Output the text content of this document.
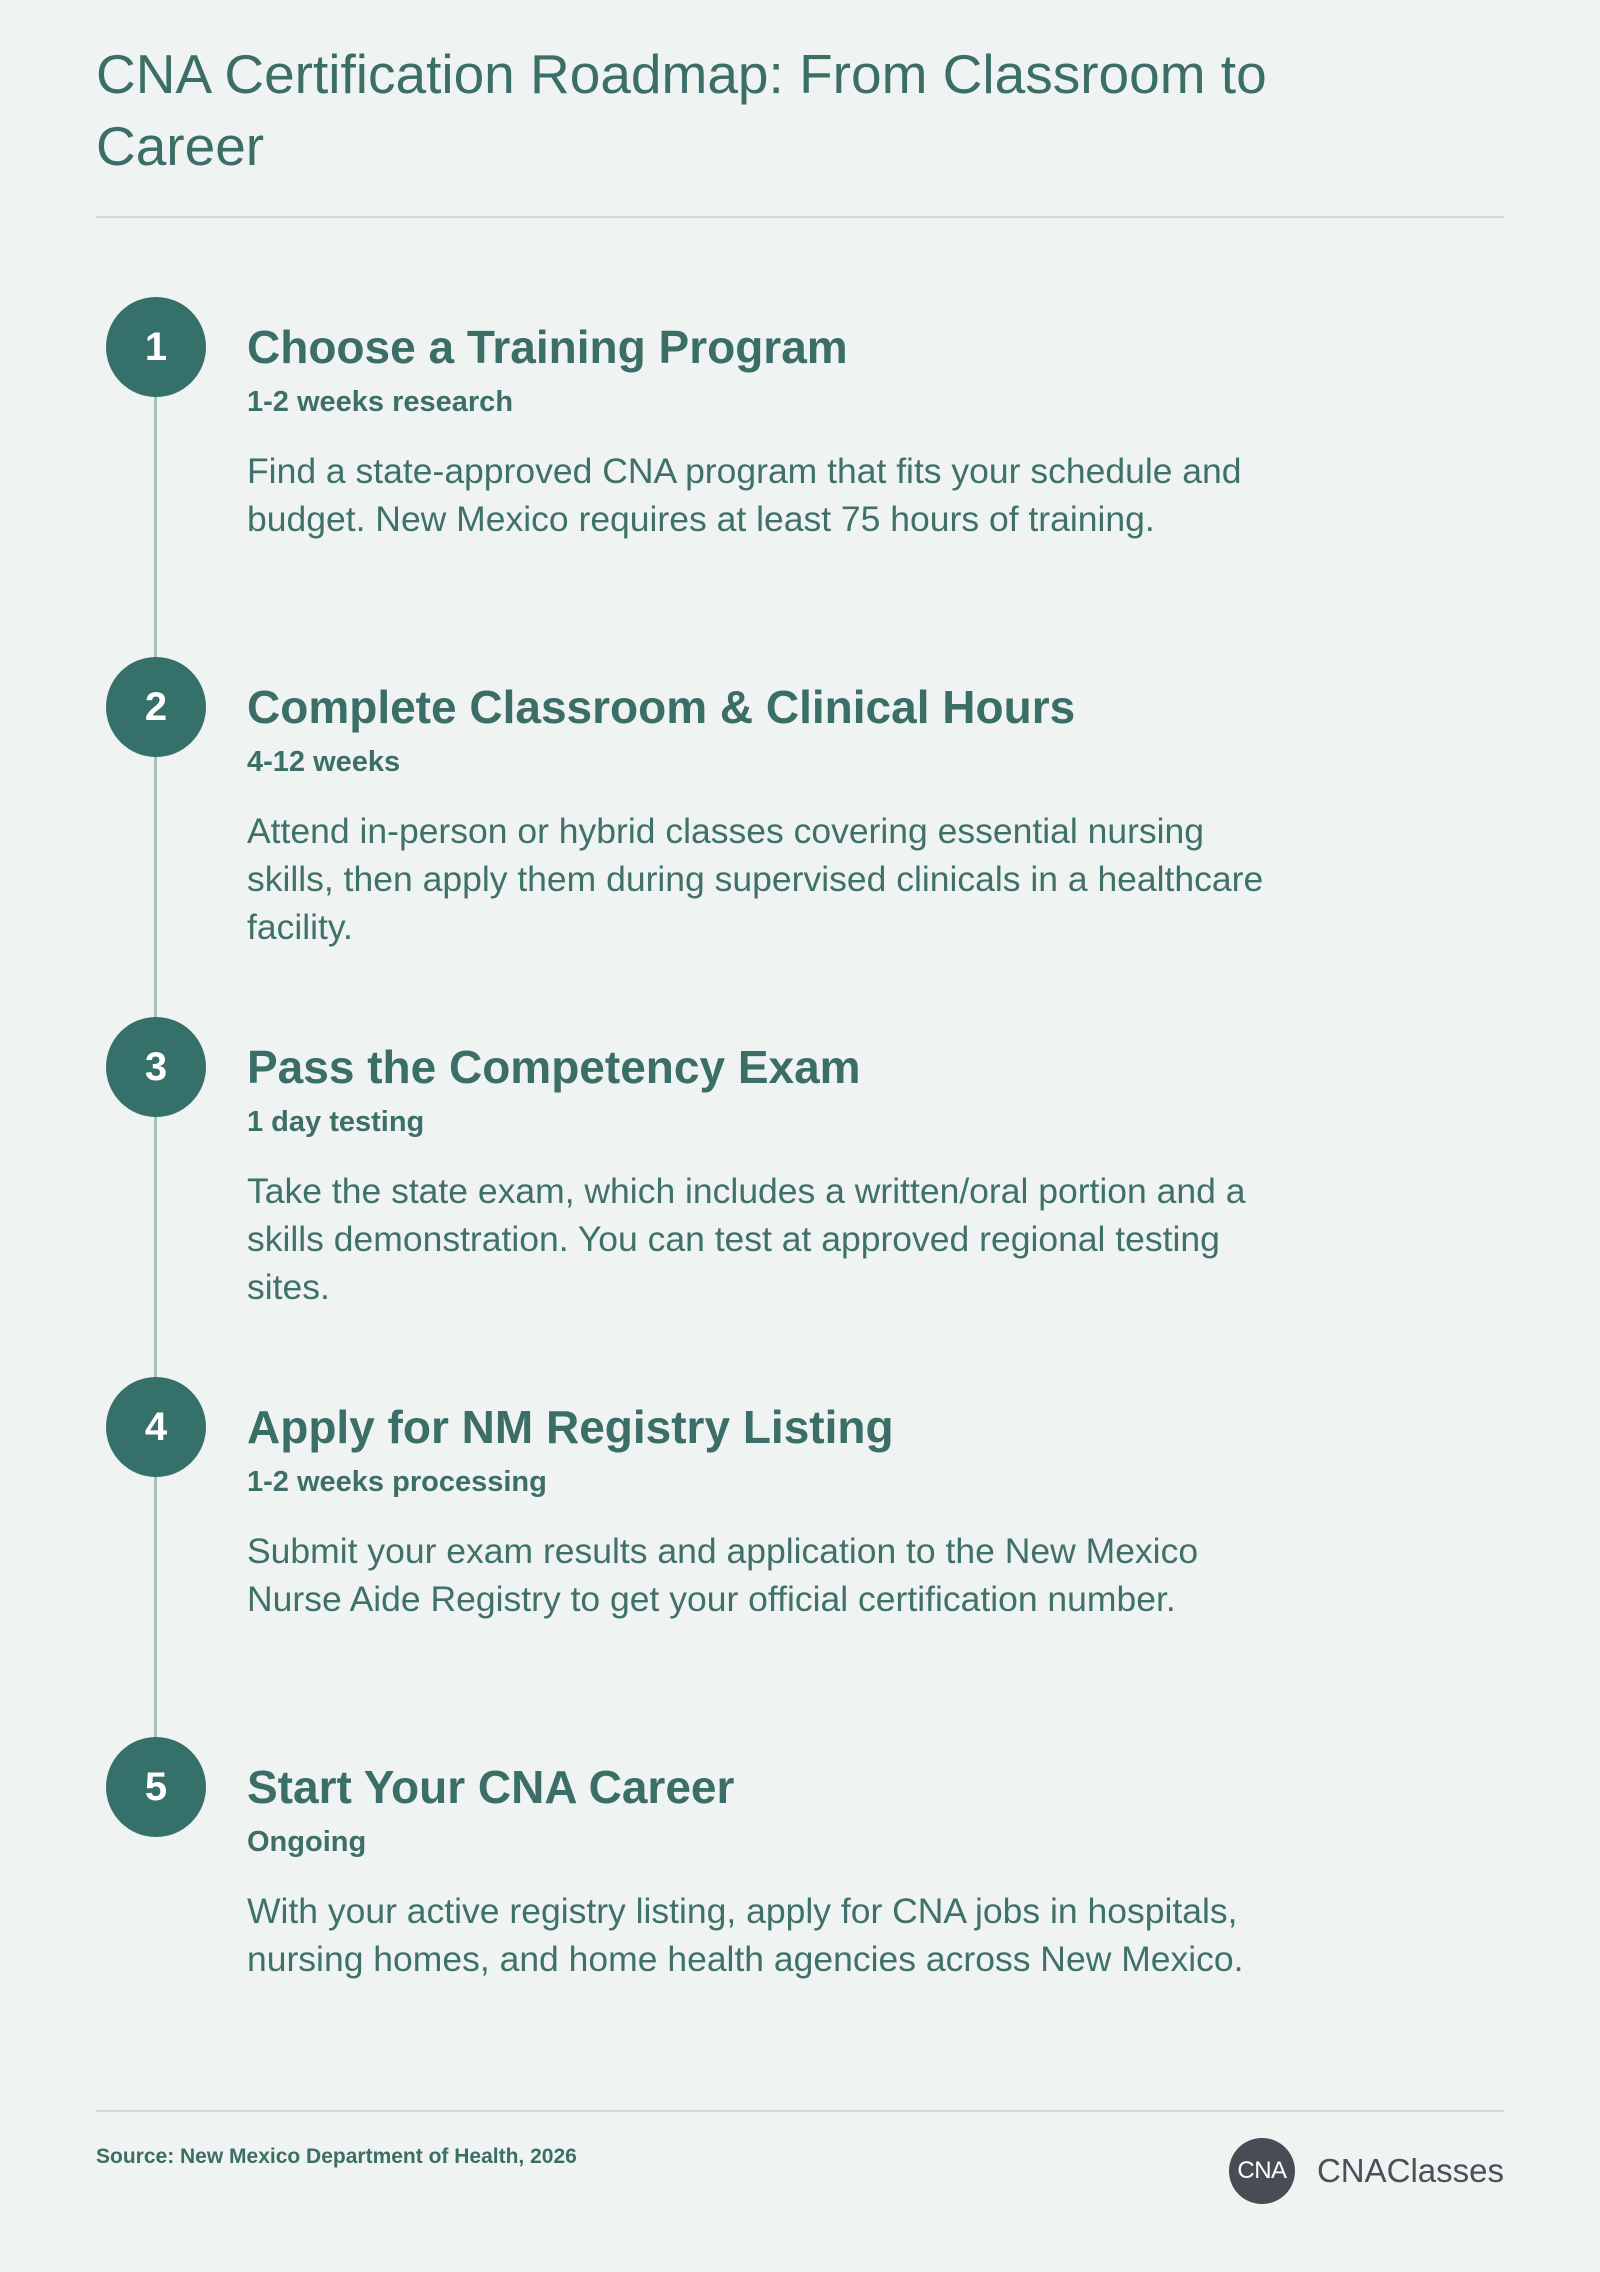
CNA Certification Roadmap: From Classroom to Career
1	Choose a Training Program
1-2 weeks research
Find a state-approved CNA program that fits your schedule and budget. New Mexico requires at least 75 hours of training.
2	Complete Classroom & Clinical Hours
4-12 weeks
Attend in-person or hybrid classes covering essential nursing skills, then apply them during supervised clinicals in a healthcare facility.
3	Pass the Competency Exam
1 day testing
Take the state exam, which includes a written/oral portion and a skills demonstration. You can test at approved regional testing sites.
4	Apply for NM Registry Listing
1-2 weeks processing
Submit your exam results and application to the New Mexico Nurse Aide Registry to get your official certification number.
5	Start Your CNA Career
Ongoing
With your active registry listing, apply for CNA jobs in hospitals, nursing homes, and home health agencies across New Mexico.
Source: New Mexico Department of Health, 2026
CNA CNAClasses
